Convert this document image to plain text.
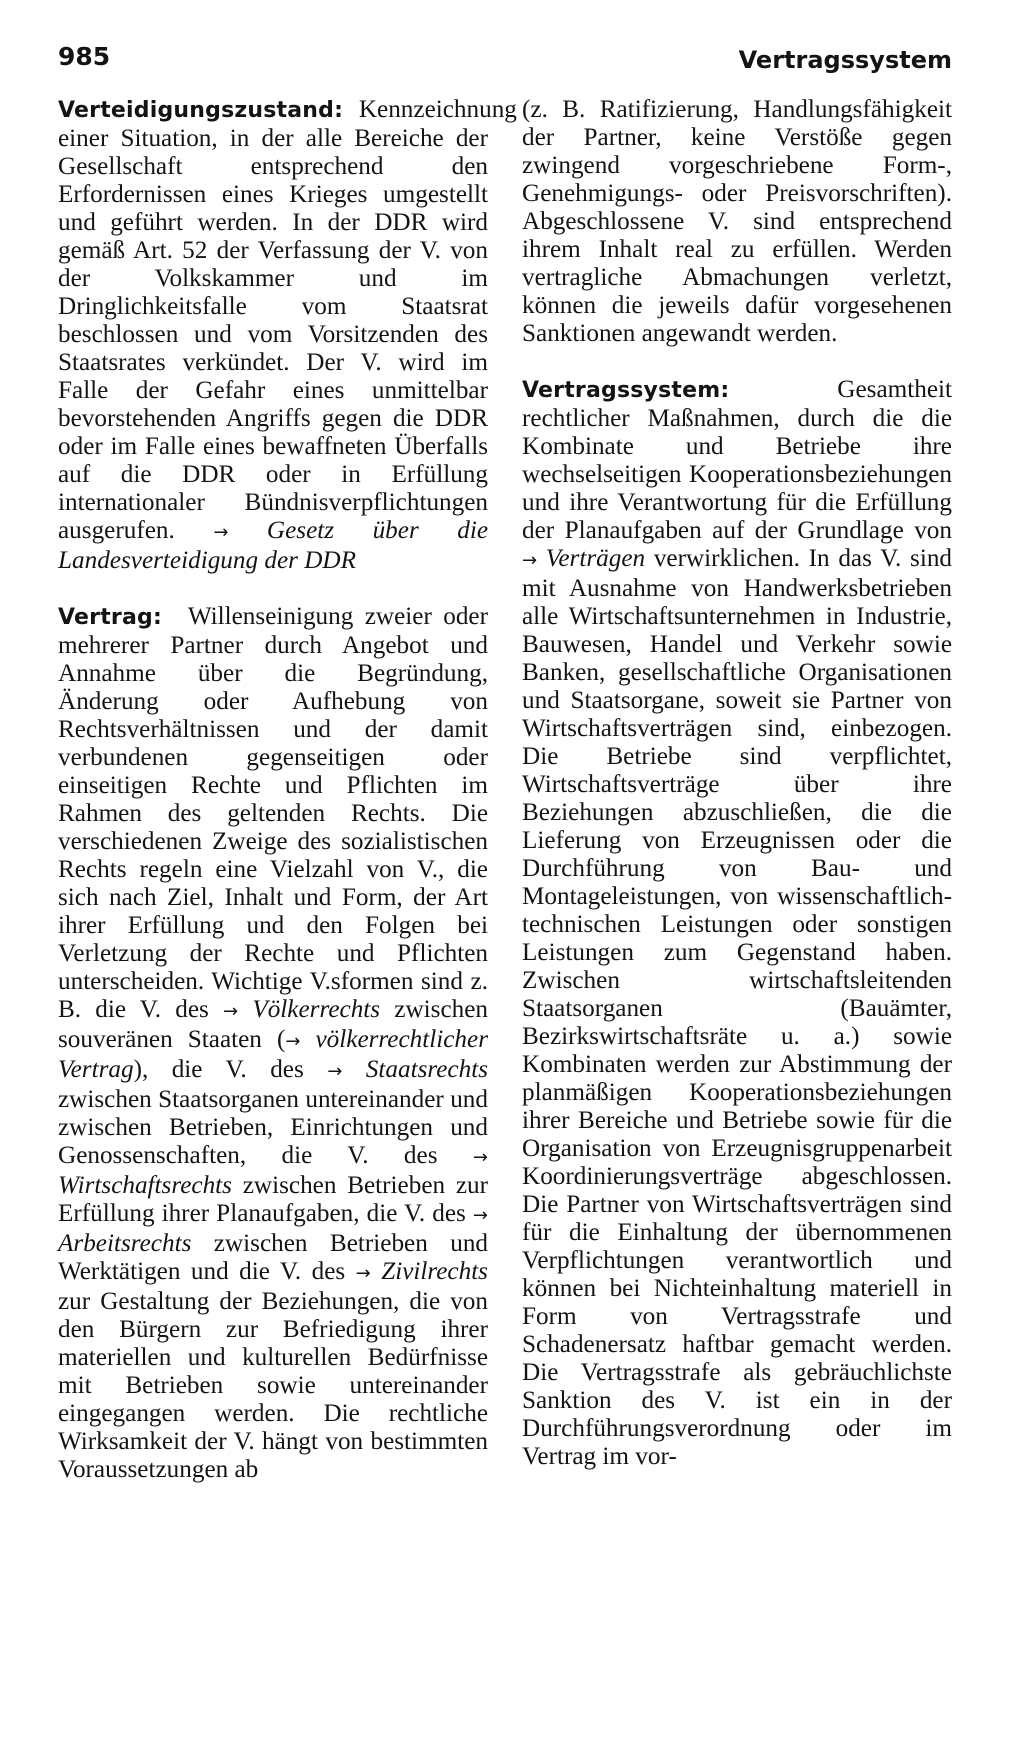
985	Vertragssystem

Verteidigungszustand: Kennzeichnung einer Situation, in der alle Bereiche der Gesellschaft entsprechend den Erfordernissen eines Krieges umgestellt und geführt werden. In der DDR wird gemäß Art. 52 der Verfassung der V. von der Volkskammer und im Dringlichkeitsfalle vom Staatsrat beschlossen und vom Vorsitzenden des Staatsrates verkündet. Der V. wird im Falle der Gefahr eines unmittelbar bevorstehenden Angriffs gegen die DDR oder im Falle eines bewaffneten Überfalls auf die DDR oder in Erfüllung internationaler Bündnisverpflichtungen ausgerufen. → Gesetz über die Landesverteidigung der DDR

Vertrag: Willenseinigung zweier oder mehrerer Partner durch Angebot und Annahme über die Begründung, Änderung oder Aufhebung von Rechtsverhältnissen und der damit verbundenen gegenseitigen oder einseitigen Rechte und Pflichten im Rahmen des geltenden Rechts. Die verschiedenen Zweige des sozialistischen Rechts regeln eine Vielzahl von V., die sich nach Ziel, Inhalt und Form, der Art ihrer Erfüllung und den Folgen bei Verletzung der Rechte und Pflichten unterscheiden. Wichtige V.sformen sind z. B. die V. des → Völkerrechts zwischen souveränen Staaten (→ völkerrechtlicher Vertrag), die V. des → Staatsrechts zwischen Staatsorganen untereinander und zwischen Betrieben, Einrichtungen und Genossenschaften, die V. des → Wirtschaftsrechts zwischen Betrieben zur Erfüllung ihrer Planaufgaben, die V. des → Arbeitsrechts zwischen Betrieben und Werktätigen und die V. des → Zivilrechts zur Gestaltung der Beziehungen, die von den Bürgern zur Befriedigung ihrer materiellen und kulturellen Bedürfnisse mit Betrieben sowie untereinander eingegangen werden. Die rechtliche Wirksamkeit der V. hängt von bestimmten Voraussetzungen ab

(z. B. Ratifizierung, Handlungsfähigkeit der Partner, keine Verstöße gegen zwingend vorgeschriebene Form-, Genehmigungs- oder Preisvorschriften). Abgeschlossene V. sind entsprechend ihrem Inhalt real zu erfüllen. Werden vertragliche Abmachungen verletzt, können die jeweils dafür vorgesehenen Sanktionen angewandt werden.

Vertragssystem:	Gesamtheit rechtlicher Maßnahmen, durch die die Kombinate und Betriebe ihre wechselseitigen Kooperationsbeziehungen und ihre Verantwortung für die Erfüllung der Planaufgaben auf der Grundlage von → Verträgen verwirklichen. In das V. sind mit Ausnahme von Handwerksbetrieben alle Wirtschaftsunternehmen in Industrie, Bauwesen, Handel und Verkehr sowie Banken, gesellschaftliche Organisationen und Staatsorgane, soweit sie Partner von Wirtschaftsverträgen sind, einbezogen. Die Betriebe sind verpflichtet, Wirtschaftsverträge über ihre Beziehungen abzuschließen, die die Lieferung von Erzeugnissen oder die Durchführung von Bau- und Montageleistungen, von wissenschaftlich-technischen Leistungen oder sonstigen Leistungen zum Gegenstand haben. Zwischen wirtschaftsleitenden Staatsorganen (Bauämter, Bezirkswirtschaftsräte u. a.) sowie Kombinaten werden zur Abstimmung der planmäßigen Kooperationsbeziehungen ihrer Bereiche und Betriebe sowie für die Organisation von Erzeugnisgruppenarbeit Koordinierungsverträge abgeschlossen. Die Partner von Wirtschaftsverträgen sind für die Einhaltung der übernommenen Verpflichtungen verantwortlich und können bei Nichteinhaltung materiell in Form von Vertragsstrafe und Schadenersatz haftbar gemacht werden. Die Vertragsstrafe als gebräuchlichste Sanktion des V. ist ein in der Durchführungsverordnung oder im Vertrag im vor-
